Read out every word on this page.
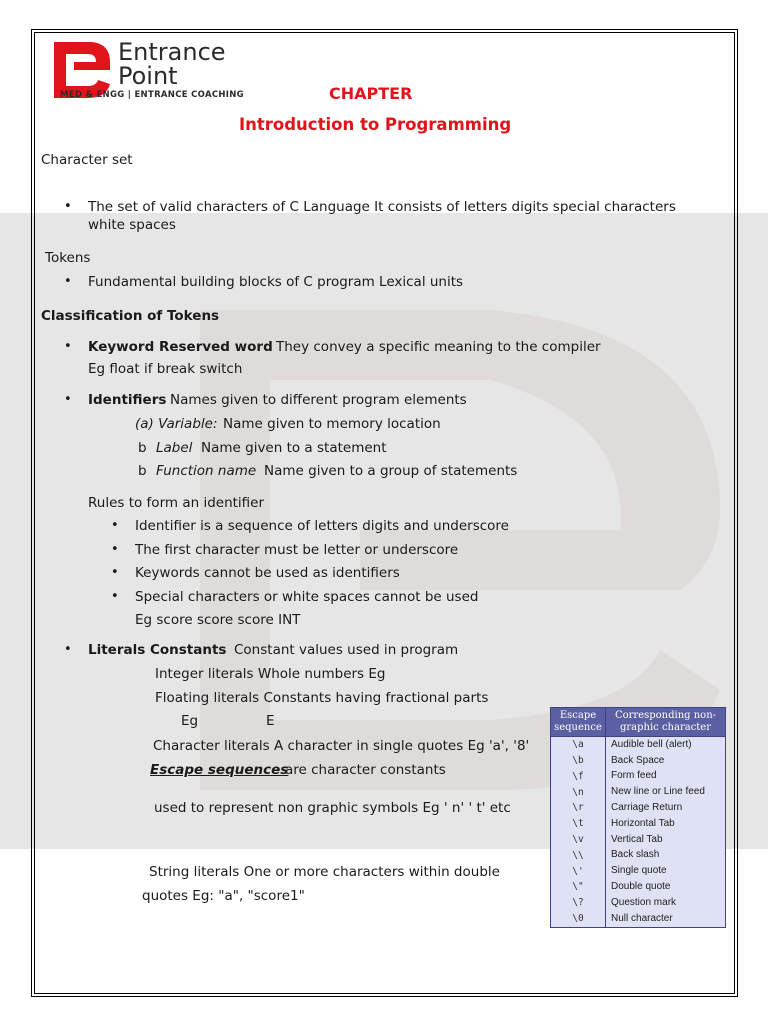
Entrance
Point
MED & ENGG | ENTRANCE COACHING	CHAPTER
Introduction to Programming
Character set
• The set of valid characters of C Language It consists of letters digits special characters
white spaces
Tokens
• Fundamental building blocks of C program Lexical units
Classification of Tokens
• Keyword Reserved word They convey a specific meaning to the compiler
Eg float if break switch
• Identifiers Names given to different program elements
(a) Variable: Name given to memory location
b Label Name given to a statement
b Function name Name given to a group of statements
Rules to form an identifier
• Identifier is a sequence of letters digits and underscore
• The first character must be letter or underscore
• Keywords cannot be used as identifiers
• Special characters or white spaces cannot be used
Eg score score score INT
• Literals Constants Constant values used in program
Integer literals Whole numbers Eg
Floating literals Constants having fractional parts
Eg	E
Character literals A character in single quotes Eg 'a', '8'
Escape sequences
are character constants
used to represent non graphic symbols Eg ' n' ' t' etc
String literals One or more characters within double
quotes Eg: "a", "score1"
Escape sequence	Corresponding non-graphic character
\a	Audible bell (alert)
\b	Back Space
\f	Form feed
\n	New line or Line feed
\r	Carriage Return
\t	Horizontal Tab
\v	Vertical Tab
\\	Back slash
\'	Single quote
\"	Double quote
\?	Question mark
\0	Null character
